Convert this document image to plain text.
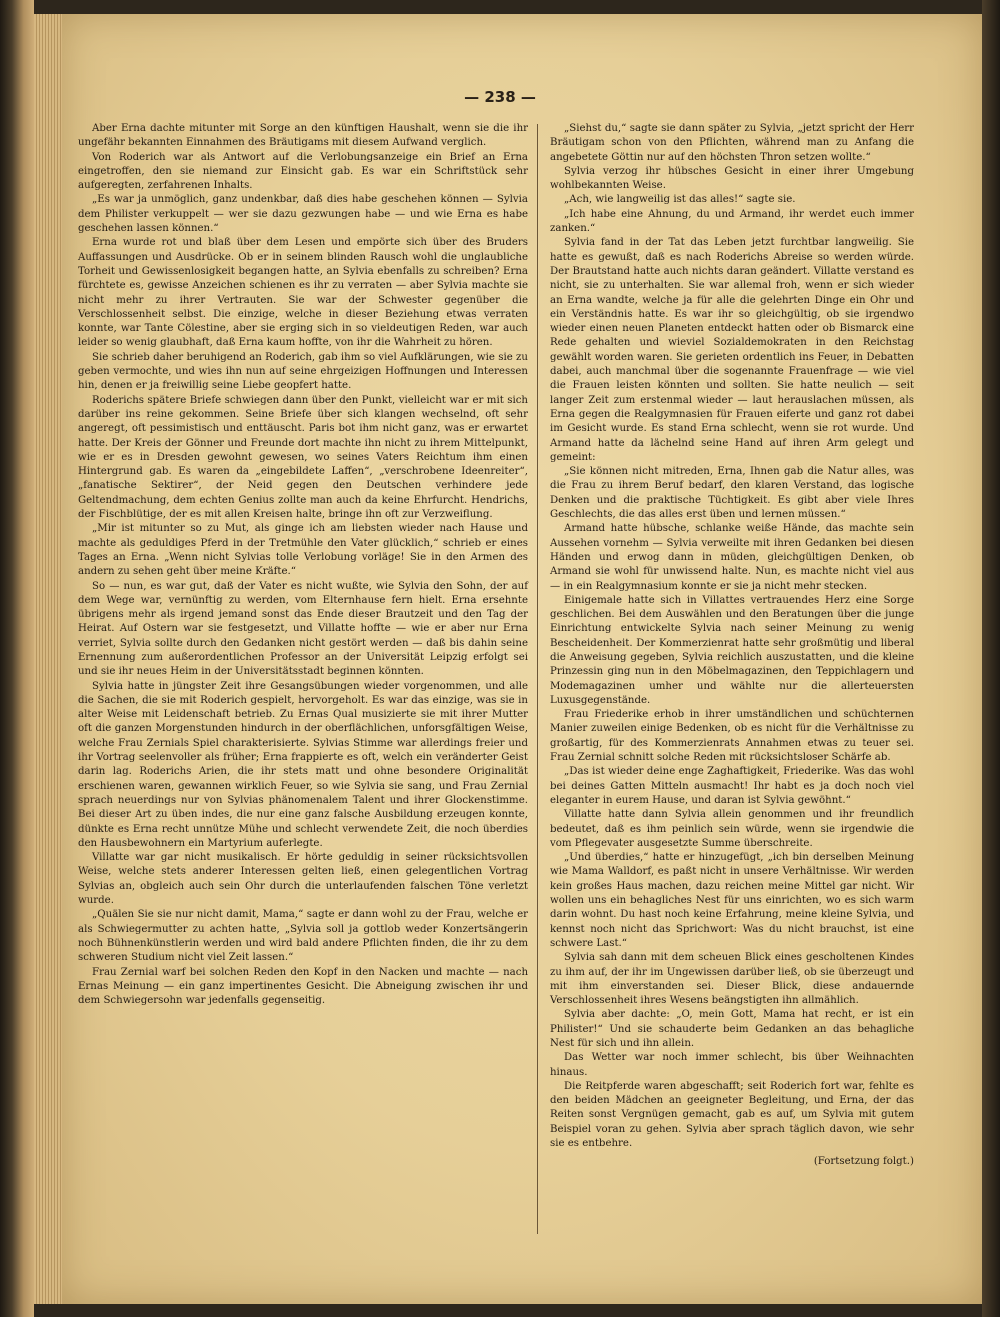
— 238 —

Aber Erna dachte mitunter mit Sorge an den künftigen Haushalt, wenn sie die ihr ungefähr bekannten Einnahmen des Bräutigams mit diesem Aufwand verglich.

Von Roderich war als Antwort auf die Verlobungsanzeige ein Brief an Erna eingetroffen, den sie niemand zur Einsicht gab. Es war ein Schriftstück sehr aufgeregten, zerfahrenen Inhalts.

„Es war ja unmöglich, ganz undenkbar, daß dies habe geschehen können — Sylvia dem Philister verkuppelt — wer sie dazu gezwungen habe — und wie Erna es habe geschehen lassen können.“

Erna wurde rot und blaß über dem Lesen und empörte sich über des Bruders Auffassungen und Ausdrücke. Ob er in seinem blinden Rausch wohl die unglaubliche Torheit und Gewissenlosigkeit begangen hatte, an Sylvia ebenfalls zu schreiben? Erna fürchtete es, gewisse Anzeichen schienen es ihr zu verraten — aber Sylvia machte sie nicht mehr zu ihrer Vertrauten. Sie war der Schwester gegenüber die Verschlossenheit selbst. Die einzige, welche in dieser Beziehung etwas verraten konnte, war Tante Cölestine, aber sie erging sich in so vieldeutigen Reden, war auch leider so wenig glaubhaft, daß Erna kaum hoffte, von ihr die Wahrheit zu hören.

Sie schrieb daher beruhigend an Roderich, gab ihm so viel Aufklärungen, wie sie zu geben vermochte, und wies ihn nun auf seine ehrgeizigen Hoffnungen und Interessen hin, denen er ja freiwillig seine Liebe geopfert hatte.

Roderichs spätere Briefe schwiegen dann über den Punkt, vielleicht war er mit sich darüber ins reine gekommen. Seine Briefe über sich klangen wechselnd, oft sehr angeregt, oft pessimistisch und enttäuscht. Paris bot ihm nicht ganz, was er erwartet hatte. Der Kreis der Gönner und Freunde dort machte ihn nicht zu ihrem Mittelpunkt, wie er es in Dresden gewohnt gewesen, wo seines Vaters Reichtum ihm einen Hintergrund gab. Es waren da „eingebildete Laffen“, „verschrobene Ideenreiter“, „fanatische Sektirer“, der Neid gegen den Deutschen verhindere jede Geltendmachung, dem echten Genius zollte man auch da keine Ehrfurcht. Hendrichs, der Fischblütige, der es mit allen Kreisen halte, bringe ihn oft zur Verzweiflung.

„Mir ist mitunter so zu Mut, als ginge ich am liebsten wieder nach Hause und machte als geduldiges Pferd in der Tretmühle den Vater glücklich,“ schrieb er eines Tages an Erna. „Wenn nicht Sylvias tolle Verlobung vorläge! Sie in den Armen des andern zu sehen geht über meine Kräfte.“

So — nun, es war gut, daß der Vater es nicht wußte, wie Sylvia den Sohn, der auf dem Wege war, vernünftig zu werden, vom Elternhause fern hielt. Erna ersehnte übrigens mehr als irgend jemand sonst das Ende dieser Brautzeit und den Tag der Heirat. Auf Ostern war sie festgesetzt, und Villatte hoffte — wie er aber nur Erna verriet, Sylvia sollte durch den Gedanken nicht gestört werden — daß bis dahin seine Ernennung zum außerordentlichen Professor an der Universität Leipzig erfolgt sei und sie ihr neues Heim in der Universitätsstadt beginnen könnten.

Sylvia hatte in jüngster Zeit ihre Gesangsübungen wieder vorgenommen, und alle die Sachen, die sie mit Roderich gespielt, hervorgeholt. Es war das einzige, was sie in alter Weise mit Leidenschaft betrieb. Zu Ernas Qual musizierte sie mit ihrer Mutter oft die ganzen Morgenstunden hindurch in der oberflächlichen, unforsgfältigen Weise, welche Frau Zernials Spiel charakterisierte. Sylvias Stimme war allerdings freier und ihr Vortrag seelenvoller als früher; Erna frappierte es oft, welch ein veränderter Geist darin lag. Roderichs Arien, die ihr stets matt und ohne besondere Originalität erschienen waren, gewannen wirklich Feuer, so wie Sylvia sie sang, und Frau Zernial sprach neuerdings nur von Sylvias phänomenalem Talent und ihrer Glockenstimme. Bei dieser Art zu üben indes, die nur eine ganz falsche Ausbildung erzeugen konnte, dünkte es Erna recht unnütze Mühe und schlecht verwendete Zeit, die noch überdies den Hausbewohnern ein Martyrium auferlegte.

Villatte war gar nicht musikalisch. Er hörte geduldig in seiner rücksichtsvollen Weise, welche stets anderer Interessen gelten ließ, einen gelegentlichen Vortrag Sylvias an, obgleich auch sein Ohr durch die unterlaufenden falschen Töne verletzt wurde.

„Quälen Sie sie nur nicht damit, Mama,“ sagte er dann wohl zu der Frau, welche er als Schwiegermutter zu achten hatte, „Sylvia soll ja gottlob weder Konzertsängerin noch Bühnenkünstlerin werden und wird bald andere Pflichten finden, die ihr zu dem schweren Studium nicht viel Zeit lassen.“

Frau Zernial warf bei solchen Reden den Kopf in den Nacken und machte — nach Ernas Meinung — ein ganz impertinentes Gesicht. Die Abneigung zwischen ihr und dem Schwiegersohn war jedenfalls gegenseitig.

„Siehst du,“ sagte sie dann später zu Sylvia, „jetzt spricht der Herr Bräutigam schon von den Pflichten, während man zu Anfang die angebetete Göttin nur auf den höchsten Thron setzen wollte.“

Sylvia verzog ihr hübsches Gesicht in einer ihrer Umgebung wohlbekannten Weise.

„Ach, wie langweilig ist das alles!“ sagte sie.

„Ich habe eine Ahnung, du und Armand, ihr werdet euch immer zanken.“

Sylvia fand in der Tat das Leben jetzt furchtbar langweilig. Sie hatte es gewußt, daß es nach Roderichs Abreise so werden würde. Der Brautstand hatte auch nichts daran geändert. Villatte verstand es nicht, sie zu unterhalten. Sie war allemal froh, wenn er sich wieder an Erna wandte, welche ja für alle die gelehrten Dinge ein Ohr und ein Verständnis hatte. Es war ihr so gleichgültig, ob sie irgendwo wieder einen neuen Planeten entdeckt hatten oder ob Bismarck eine Rede gehalten und wieviel Sozialdemokraten in den Reichstag gewählt worden waren. Sie gerieten ordentlich ins Feuer, in Debatten dabei, auch manchmal über die sogenannte Frauenfrage — wie viel die Frauen leisten könnten und sollten. Sie hatte neulich — seit langer Zeit zum erstenmal wieder — laut herauslachen müssen, als Erna gegen die Realgymnasien für Frauen eiferte und ganz rot dabei im Gesicht wurde. Es stand Erna schlecht, wenn sie rot wurde. Und Armand hatte da lächelnd seine Hand auf ihren Arm gelegt und gemeint:

„Sie können nicht mitreden, Erna, Ihnen gab die Natur alles, was die Frau zu ihrem Beruf bedarf, den klaren Verstand, das logische Denken und die praktische Tüchtigkeit. Es gibt aber viele Ihres Geschlechts, die das alles erst üben und lernen müssen.“

Armand hatte hübsche, schlanke weiße Hände, das machte sein Aussehen vornehm — Sylvia verweilte mit ihren Gedanken bei diesen Händen und erwog dann in müden, gleichgültigen Denken, ob Armand sie wohl für unwissend halte. Nun, es machte nicht viel aus — in ein Realgymnasium konnte er sie ja nicht mehr stecken.

Einigemale hatte sich in Villattes vertrauendes Herz eine Sorge geschlichen. Bei dem Auswählen und den Beratungen über die junge Einrichtung entwickelte Sylvia nach seiner Meinung zu wenig Bescheidenheit. Der Kommerzienrat hatte sehr großmütig und liberal die Anweisung gegeben, Sylvia reichlich auszustatten, und die kleine Prinzessin ging nun in den Möbelmagazinen, den Teppichlagern und Modemagazinen umher und wählte nur die allerteuersten Luxusgegenstände.

Frau Friederike erhob in ihrer umständlichen und schüchternen Manier zuweilen einige Bedenken, ob es nicht für die Verhältnisse zu großartig, für des Kommerzienrats Annahmen etwas zu teuer sei. Frau Zernial schnitt solche Reden mit rücksichtsloser Schärfe ab.

„Das ist wieder deine enge Zaghaftigkeit, Friederike. Was das wohl bei deines Gatten Mitteln ausmacht! Ihr habt es ja doch noch viel eleganter in eurem Hause, und daran ist Sylvia gewöhnt.“

Villatte hatte dann Sylvia allein genommen und ihr freundlich bedeutet, daß es ihm peinlich sein würde, wenn sie irgendwie die vom Pflegevater ausgesetzte Summe überschreite.

„Und überdies,“ hatte er hinzugefügt, „ich bin derselben Meinung wie Mama Walldorf, es paßt nicht in unsere Verhältnisse. Wir werden kein großes Haus machen, dazu reichen meine Mittel gar nicht. Wir wollen uns ein behagliches Nest für uns einrichten, wo es sich warm darin wohnt. Du hast noch keine Erfahrung, meine kleine Sylvia, und kennst noch nicht das Sprichwort: Was du nicht brauchst, ist eine schwere Last.“

Sylvia sah dann mit dem scheuen Blick eines gescholtenen Kindes zu ihm auf, der ihr im Ungewissen darüber ließ, ob sie überzeugt und mit ihm einverstanden sei. Dieser Blick, diese andauernde Verschlossenheit ihres Wesens beängstigten ihn allmählich.

Sylvia aber dachte: „O, mein Gott, Mama hat recht, er ist ein Philister!“ Und sie schauderte beim Gedanken an das behagliche Nest für sich und ihn allein.

Das Wetter war noch immer schlecht, bis über Weihnachten hinaus.

Die Reitpferde waren abgeschafft; seit Roderich fort war, fehlte es den beiden Mädchen an geeigneter Begleitung, und Erna, der das Reiten sonst Vergnügen gemacht, gab es auf, um Sylvia mit gutem Beispiel voran zu gehen. Sylvia aber sprach täglich davon, wie sehr sie es entbehre.

(Fortsetzung folgt.)
